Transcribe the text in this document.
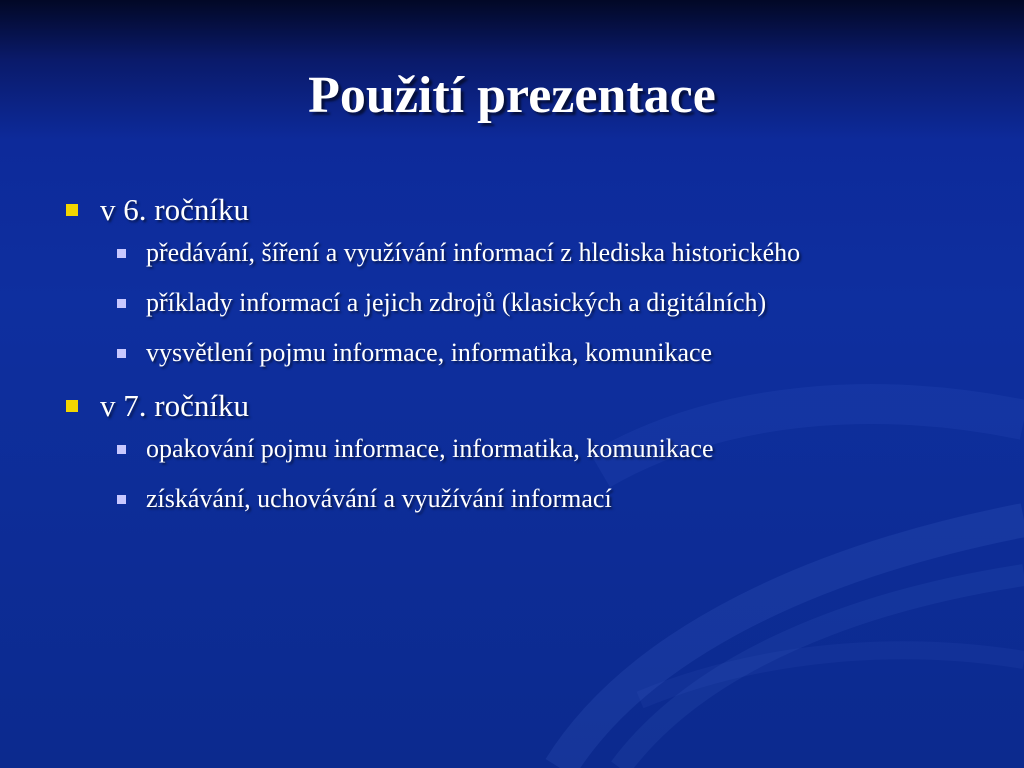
Použití prezentace
v 6. ročníku
předávání, šíření a využívání informací z hlediska historického
příklady informací a jejich zdrojů (klasických a digitálních)
vysvětlení pojmu informace, informatika, komunikace
v 7. ročníku
opakování pojmu informace, informatika, komunikace
získávání, uchovávání a využívání informací
